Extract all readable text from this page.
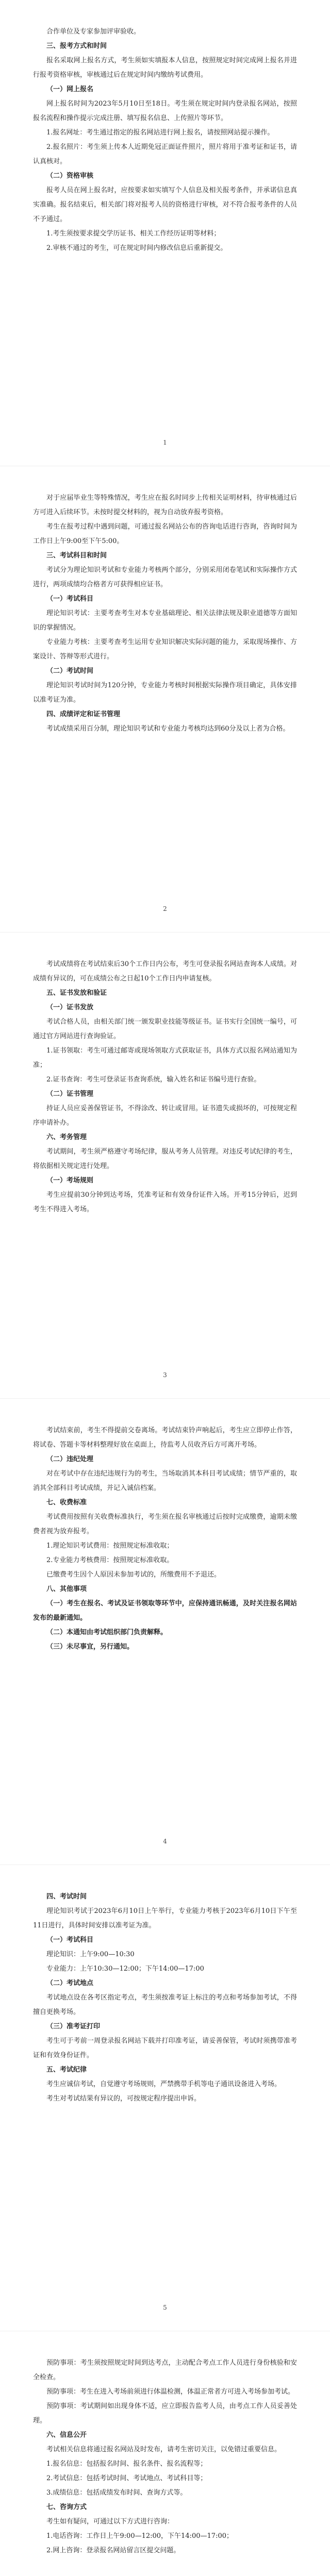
合作单位及专家参加评审验收。

三、报考方式和时间

报名采取网上报名方式，考生须如实填报本人信息，按照规定时间完成网上报名并进行报考资格审核，审核通过后在规定时间内缴纳考试费用。

（一）网上报名

网上报名时间为2023年5月10日至18日。考生须在规定时间内登录报名网站，按照报名流程和操作提示完成注册、填写报名信息、上传照片等环节。

1.报名网址：考生通过指定的报名网站进行网上报名，请按照网站提示操作。

2.报名照片：考生须上传本人近期免冠正面证件照片，照片将用于准考证和证书，请认真核对。

（二）资格审核

报考人员在网上报名时，应按要求如实填写个人信息及相关报考条件，并承诺信息真实准确。报名结束后，相关部门将对报考人员的资格进行审核，对不符合报考条件的人员不予通过。

1.考生须按要求提交学历证书、相关工作经历证明等材料；

2.审核不通过的考生，可在规定时间内修改信息后重新提交。

1

对于应届毕业生等特殊情况，考生应在报名时同步上传相关证明材料，待审核通过后方可进入后续环节。未按时提交材料的，视为自动放弃报考资格。

考生在报考过程中遇到问题，可通过报名网站公布的咨询电话进行咨询，咨询时间为工作日上午9:00至下午5:00。

三、考试科目和时间

考试分为理论知识考试和专业能力考核两个部分，分别采用闭卷笔试和实际操作方式进行，两项成绩均合格者方可获得相应证书。

（一）考试科目

理论知识考试：主要考查考生对本专业基础理论、相关法律法规及职业道德等方面知识的掌握情况。

专业能力考核：主要考查考生运用专业知识解决实际问题的能力，采取现场操作、方案设计、答辩等形式进行。

（二）考试时间

理论知识考试时间为120分钟，专业能力考核时间根据实际操作项目确定，具体安排以准考证为准。

四、成绩评定和证书管理

考试成绩采用百分制，理论知识考试和专业能力考核均达到60分及以上者为合格。

2

考试成绩将在考试结束后30个工作日内公布，考生可登录报名网站查询本人成绩。对成绩有异议的，可在成绩公布之日起10个工作日内申请复核。

五、证书发放和验证

（一）证书发放

考试合格人员，由相关部门统一颁发职业技能等级证书。证书实行全国统一编号，可通过官方网站进行查询验证。

1.证书领取：考生可通过邮寄或现场领取方式获取证书，具体方式以报名网站通知为准；

2.证书查询：考生可登录证书查询系统，输入姓名和证书编号进行查验。

（二）证书管理

持证人员应妥善保管证书，不得涂改、转让或冒用。证书遗失或损坏的，可按规定程序申请补办。

六、考务管理

考试期间，考生须严格遵守考场纪律，服从考务人员管理。对违反考试纪律的考生，将依据相关规定进行处理。

（一）考场规则

考生应提前30分钟到达考场，凭准考证和有效身份证件入场。开考15分钟后，迟到考生不得进入考场。

3

考试结束前，考生不得提前交卷离场。考试结束铃声响起后，考生应立即停止作答，将试卷、答题卡等材料整理好放在桌面上，待监考人员收齐后方可离开考场。

（二）违纪处理

对在考试中存在违纪违规行为的考生，当场取消其本科目考试成绩；情节严重的，取消其全部科目考试成绩，并记入诚信档案。

七、收费标准

考试费用按照有关收费标准执行，考生须在报名审核通过后按时完成缴费，逾期未缴费者视为放弃报考。

1.理论知识考试费用：按照规定标准收取；

2.专业能力考核费用：按照规定标准收取。

已缴费考生因个人原因未参加考试的，所缴费用不予退还。

八、其他事项

（一）考生在报名、考试及证书领取等环节中，应保持通讯畅通，及时关注报名网站发布的最新通知。

（二）本通知由考试组织部门负责解释。

（三）未尽事宜，另行通知。

4

四、考试时间

理论知识考试于2023年6月10日上午举行，专业能力考核于2023年6月10日下午至11日进行，具体时间安排以准考证为准。

（一）考试科目

理论知识：上午9:00—10:30

专业能力：上午10:30—12:00；下午14:00—17:00

（二）考试地点

考试地点设在各考区指定考点，考生须按准考证上标注的考点和考场参加考试，不得擅自更换考场。

（三）准考证打印

考生可于考前一周登录报名网站下载并打印准考证，请妥善保管，考试时须携带准考证和有效身份证件。

五、考试纪律

考生应诚信考试，自觉遵守考场规则，严禁携带手机等电子通讯设备进入考场。

考生对考试结果有异议的，可按规定程序提出申诉。

5

预防事项：考生须按照规定时间到达考点，主动配合考点工作人员进行身份核验和安全检查。

预防事项：考生在进入考场前须进行体温检测，体温正常者方可进入考场参加考试。

预防事项：考试期间如出现身体不适，应立即报告监考人员，由考点工作人员妥善处理。

六、信息公开

考试相关信息将通过报名网站及时发布，请考生密切关注，以免错过重要信息。

1.报名信息：包括报名时间、报名条件、报名流程等；

2.考试信息：包括考试时间、考试地点、考试科目等；

3.成绩信息：包括成绩发布时间、查询方式等。

七、咨询方式

考生如有疑问，可通过以下方式进行咨询：

1.电话咨询：工作日上午9:00—12:00，下午14:00—17:00；

2.网上咨询：登录报名网站留言区提交问题。
